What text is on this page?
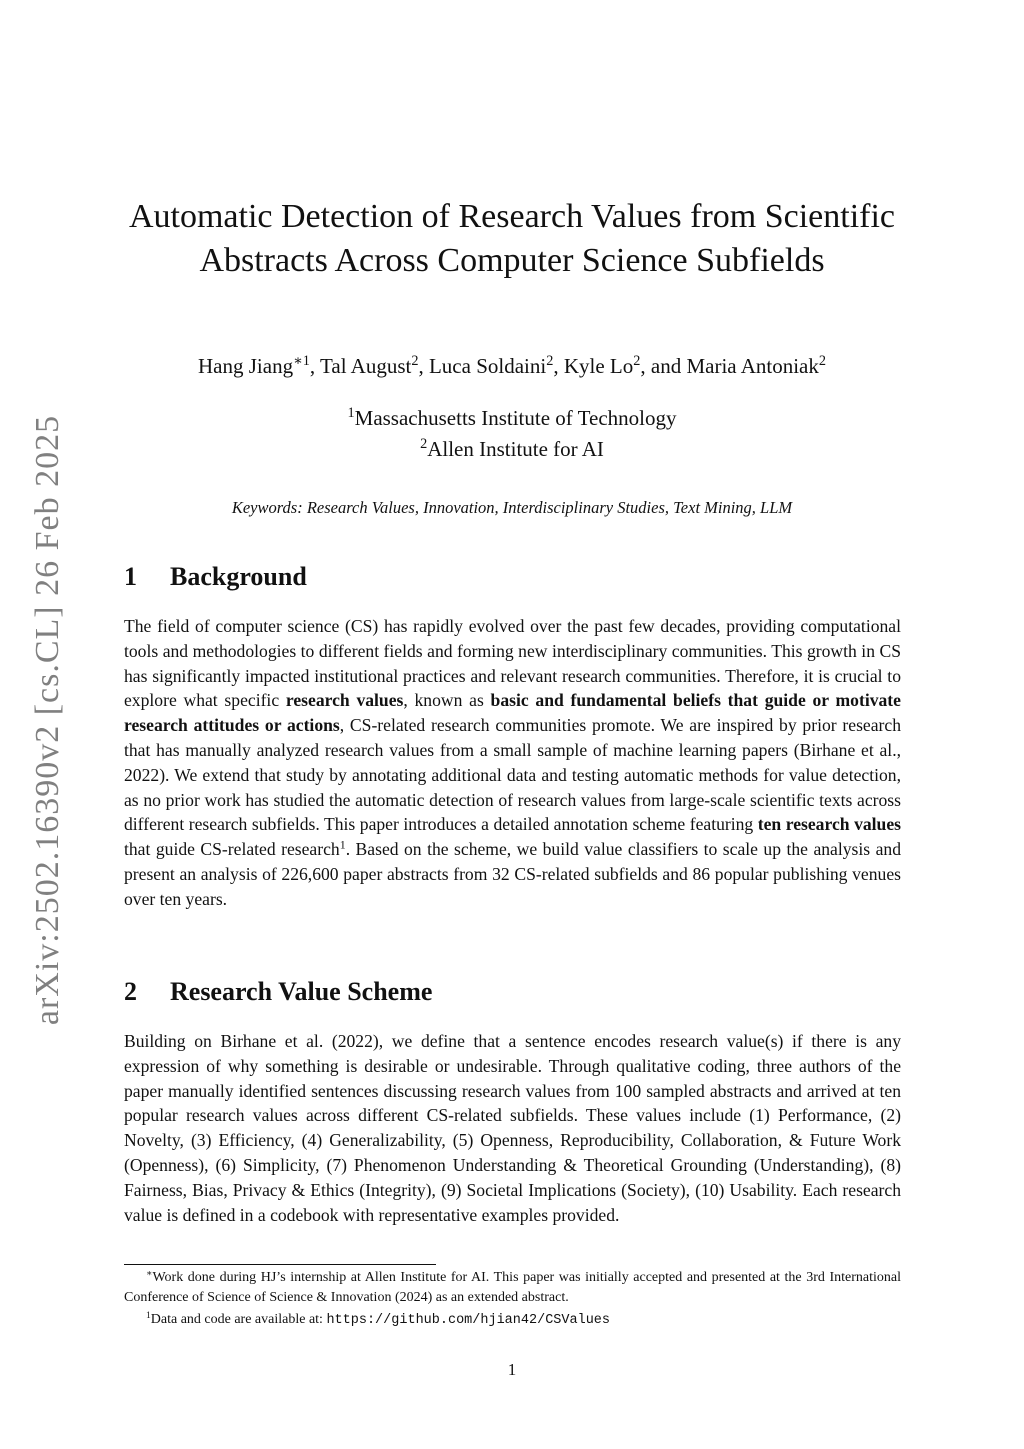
arXiv:2502.16390v2 [cs.CL] 26 Feb 2025
Automatic Detection of Research Values from Scientific Abstracts Across Computer Science Subfields
Hang Jiang$^{∗1}$, Tal August$^2$, Luca Soldaini$^2$, Kyle Lo$^2$, and Maria Antoniak$^2$
$^1$Massachusetts Institute of Technology
$^2$Allen Institute for AI
Keywords: Research Values, Innovation, Interdisciplinary Studies, Text Mining, LLM
1 Background

The field of computer science (CS) has rapidly evolved over the past few decades, providing computational tools and methodologies to different fields and forming new interdisciplinary communities. This growth in CS has significantly impacted institutional practices and relevant research communities. Therefore, it is crucial to explore what specific research values, known as basic and fundamental beliefs that guide or motivate research attitudes or actions, CS-related research communities promote. We are inspired by prior research that has manually analyzed research values from a small sample of machine learning papers (Birhane et al., 2022). We extend that study by annotating additional data and testing automatic methods for value detection, as no prior work has studied the automatic detection of research values from large-scale scientific texts across different research subfields. This paper introduces a detailed annotation scheme featuring ten research values that guide CS-related research$^1$. Based on the scheme, we build value classifiers to scale up the analysis and present an analysis of 226,600 paper abstracts from 32 CS-related subfields and 86 popular publishing venues over ten years.

2 Research Value Scheme

Building on Birhane et al. (2022), we define that a sentence encodes research value(s) if there is any expression of why something is desirable or undesirable. Through qualitative coding, three authors of the paper manually identified sentences discussing research values from 100 sampled abstracts and arrived at ten popular research values across different CS-related subfields. These values include (1) Performance, (2) Novelty, (3) Efficiency, (4) Generalizability, (5) Openness, Reproducibility, Collaboration, & Future Work (Openness), (6) Simplicity, (7) Phenomenon Understanding & Theoretical Grounding (Understanding), (8) Fairness, Bias, Privacy & Ethics (Integrity), (9) Societal Implications (Society), (10) Usability. Each research value is defined in a codebook with representative examples provided.

∗Work done during HJ’s internship at Allen Institute for AI. This paper was initially accepted and presented at the 3rd International Conference of Science of Science & Innovation (2024) as an extended abstract.

$^1$Data and code are available at: https://github.com/hjian42/CSValues

1
